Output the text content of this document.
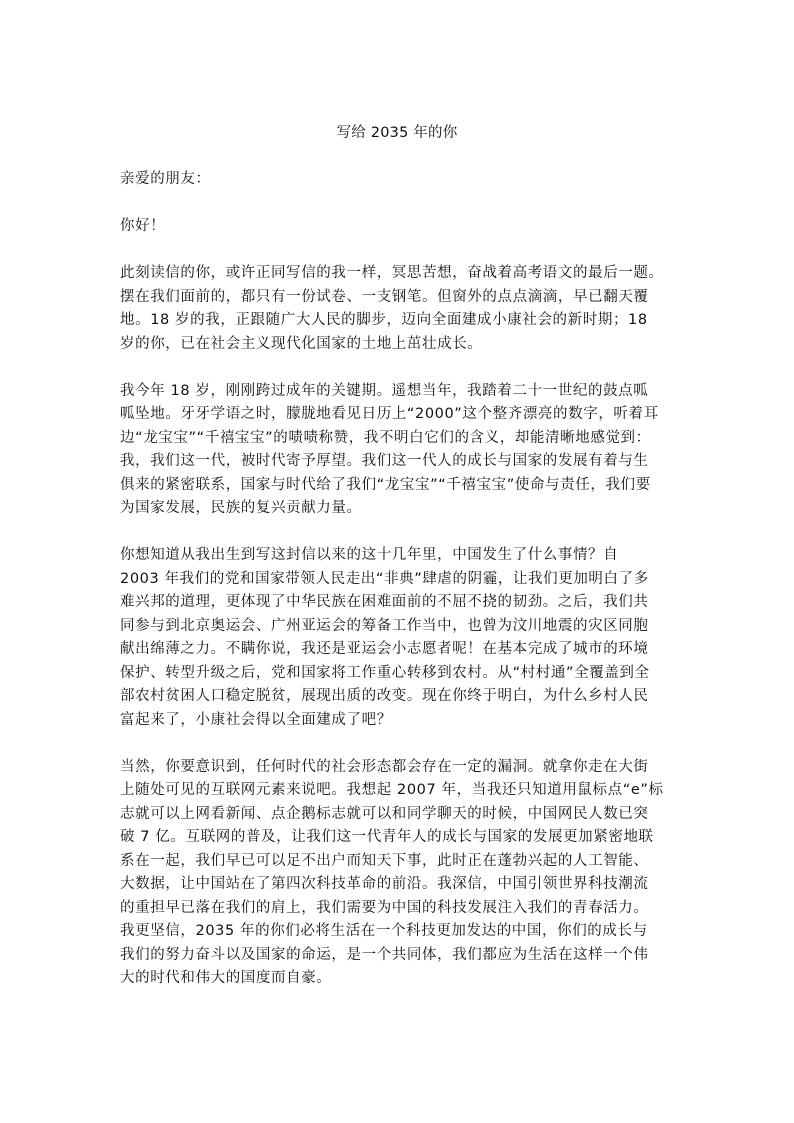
写给 2035 年的你
亲爱的朋友：
你好！
此刻读信的你，或许正同写信的我一样，冥思苦想，奋战着高考语文的最后一题。
摆在我们面前的，都只有一份试卷、一支钢笔。但窗外的点点滴滴，早已翻天覆
地。18 岁的我，正跟随广大人民的脚步，迈向全面建成小康社会的新时期；18
岁的你，已在社会主义现代化国家的土地上茁壮成长。
我今年 18 岁，刚刚跨过成年的关键期。遥想当年，我踏着二十一世纪的鼓点呱
呱坠地。牙牙学语之时，朦胧地看见日历上“2000”这个整齐漂亮的数字，听着耳
边“龙宝宝”“千禧宝宝”的啧啧称赞，我不明白它们的含义，却能清晰地感觉到：
我，我们这一代，被时代寄予厚望。我们这一代人的成长与国家的发展有着与生
俱来的紧密联系，国家与时代给了我们“龙宝宝”“千禧宝宝”使命与责任，我们要
为国家发展，民族的复兴贡献力量。
你想知道从我出生到写这封信以来的这十几年里，中国发生了什么事情？自
2003 年我们的党和国家带领人民走出“非典”肆虐的阴霾，让我们更加明白了多
难兴邦的道理，更体现了中华民族在困难面前的不屈不挠的韧劲。之后，我们共
同参与到北京奥运会、广州亚运会的筹备工作当中，也曾为汶川地震的灾区同胞
献出绵薄之力。不瞒你说，我还是亚运会小志愿者呢！在基本完成了城市的环境
保护、转型升级之后，党和国家将工作重心转移到农村。从“村村通”全覆盖到全
部农村贫困人口稳定脱贫，展现出质的改变。现在你终于明白，为什么乡村人民
富起来了，小康社会得以全面建成了吧？
当然，你要意识到，任何时代的社会形态都会存在一定的漏洞。就拿你走在大街
上随处可见的互联网元素来说吧。我想起 2007 年，当我还只知道用鼠标点“e”标
志就可以上网看新闻、点企鹅标志就可以和同学聊天的时候，中国网民人数已突
破 7 亿。互联网的普及，让我们这一代青年人的成长与国家的发展更加紧密地联
系在一起，我们早已可以足不出户而知天下事，此时正在蓬勃兴起的人工智能、
大数据，让中国站在了第四次科技革命的前沿。我深信，中国引领世界科技潮流
的重担早已落在我们的肩上，我们需要为中国的科技发展注入我们的青春活力。
我更坚信，2035 年的你们必将生活在一个科技更加发达的中国，你们的成长与
我们的努力奋斗以及国家的命运，是一个共同体，我们都应为生活在这样一个伟
大的时代和伟大的国度而自豪。
